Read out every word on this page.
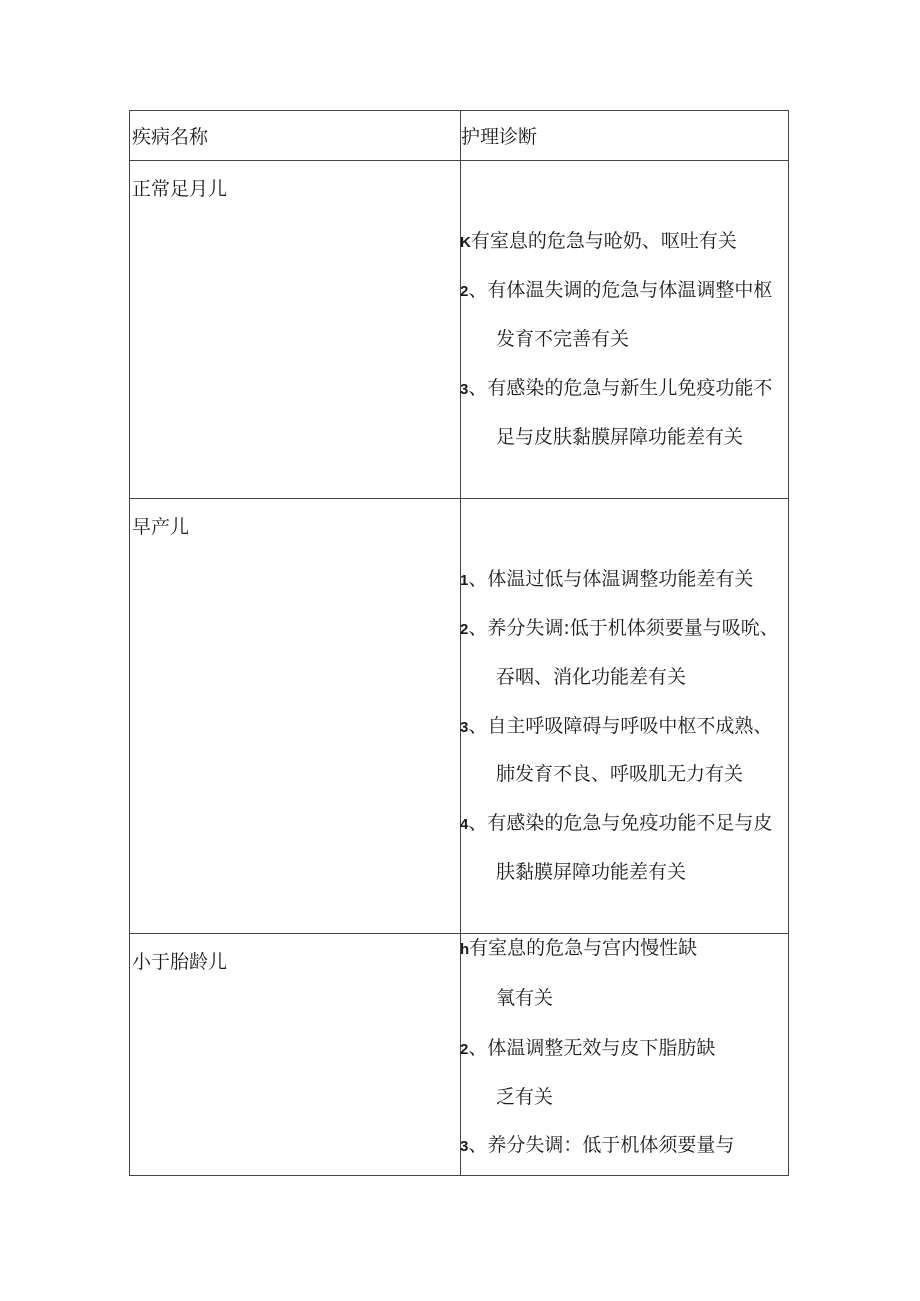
疾病名称	护理诊断
正常足月儿
K有室息的危急与呛奶、呕吐有关
2、有体温失调的危急与体温调整中枢
发育不完善有关
3、有感染的危急与新生儿免疫功能不
足与皮肤黏膜屏障功能差有关
早产儿
1、体温过低与体温调整功能差有关
2、养分失调:低于机体须要量与吸吮、
吞咽、消化功能差有关
3、自主呼吸障碍与呼吸中枢不成熟、
肺发育不良、呼吸肌无力有关
4、有感染的危急与免疫功能不足与皮
肤黏膜屏障功能差有关
小于胎龄儿
h有室息的危急与宫内慢性缺
氧有关
2、体温调整无效与皮下脂肪缺
乏有关
3、养分失调：低于机体须要量与
